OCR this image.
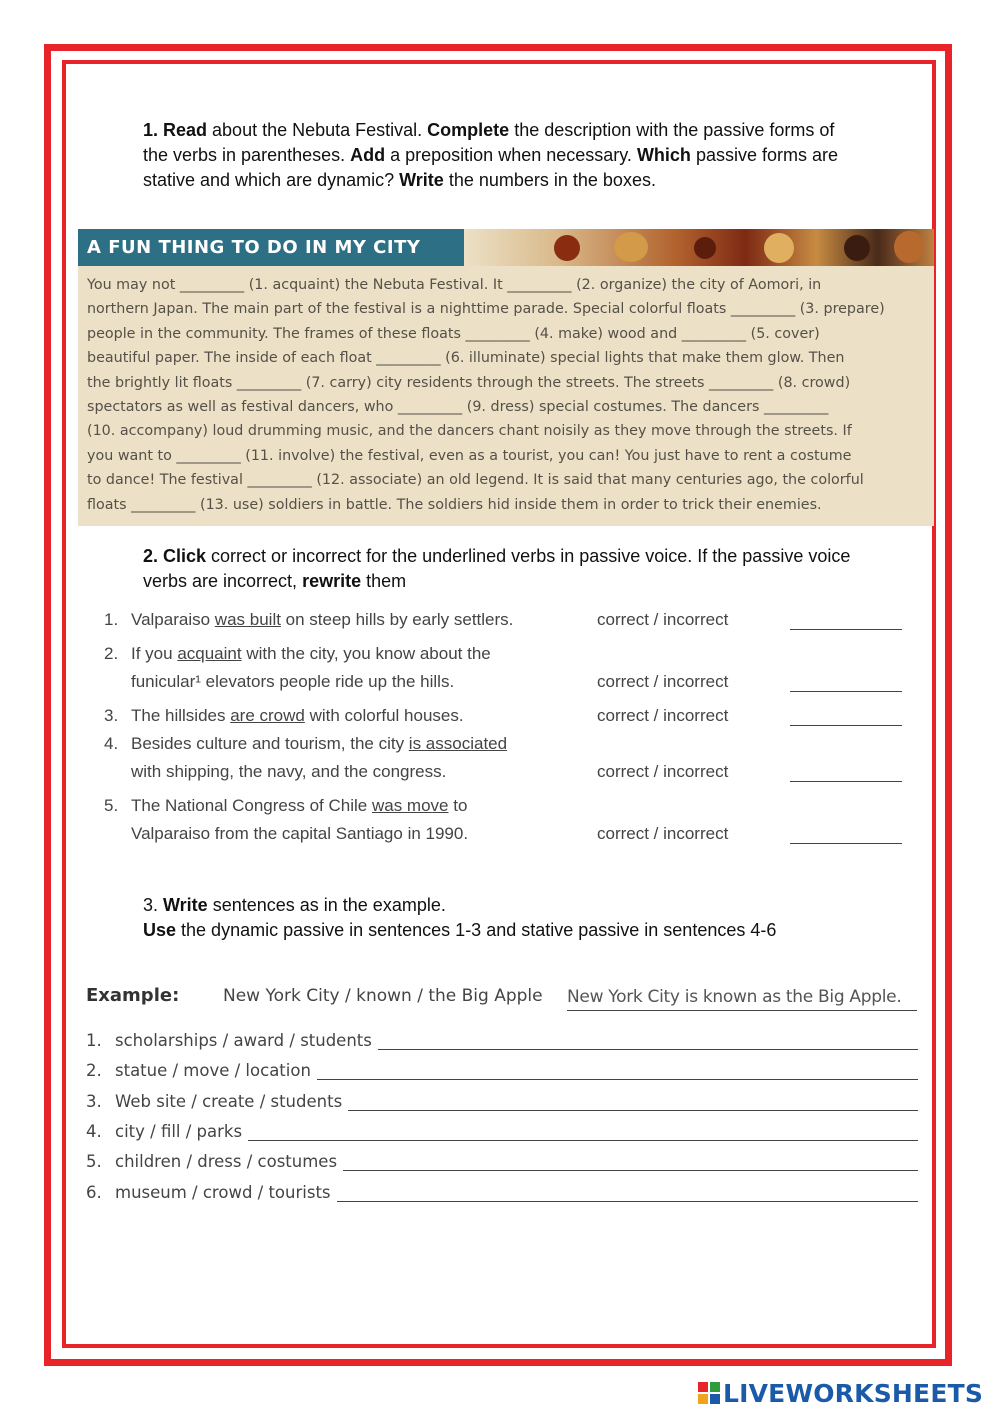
1. Read about the Nebuta Festival. Complete the description with the passive forms of the verbs in parentheses. Add a preposition when necessary. Which passive forms are stative and which are dynamic? Write the numbers in the boxes.
A FUN THING TO DO IN MY CITY
You may not _________ (1. acquaint) the Nebuta Festival. It _________ (2. organize) the city of Aomori, in
northern Japan. The main part of the festival is a nighttime parade. Special colorful floats _________ (3. prepare)
people in the community. The frames of these floats _________ (4. make) wood and _________ (5. cover)
beautiful paper. The inside of each float _________ (6. illuminate) special lights that make them glow. Then
the brightly lit floats _________ (7. carry) city residents through the streets. The streets _________ (8. crowd)
spectators as well as festival dancers, who _________ (9. dress) special costumes. The dancers _________
(10. accompany) loud drumming music, and the dancers chant noisily as they move through the streets. If
you want to _________ (11. involve) the festival, even as a tourist, you can! You just have to rent a costume
to dance! The festival _________ (12. associate) an old legend. It is said that many centuries ago, the colorful
floats _________ (13. use) soldiers in battle. The soldiers hid inside them in order to trick their enemies.
2. Click correct or incorrect for the underlined verbs in passive voice. If the passive voice verbs are incorrect, rewrite them
1. Valparaiso was built on steep hills by early settlers.	correct / incorrect
2. If you acquaint with the city, you know about the
funicular¹ elevators people ride up the hills.	correct / incorrect
3. The hillsides are crowd with colorful houses.	correct / incorrect
4. Besides culture and tourism, the city is associated
with shipping, the navy, and the congress.	correct / incorrect
5. The National Congress of Chile was move to
Valparaiso from the capital Santiago in 1990.	correct / incorrect
3. Write sentences as in the example.
Use the dynamic passive in sentences 1-3 and stative passive in sentences 4-6
Example:	New York City / known / the Big Apple New York City is known as the Big Apple.
1. scholarships / award / students
2. statue / move / location
3. Web site / create / students
4. city / fill / parks
5. children / dress / costumes
6. museum / crowd / tourists
LIVEWORKSHEETS
